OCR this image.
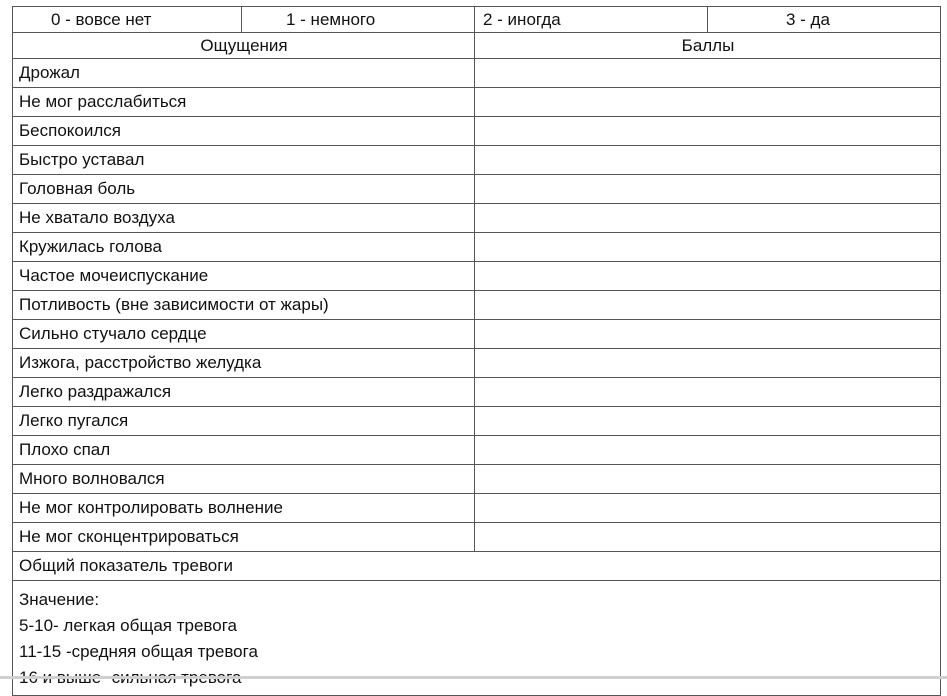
0 - вовсе нет	1 - немного	2 - иногда	3 - да
Ощущения		Баллы	
Дрожал			
Не мог расслабиться			
Беспокоился			
Быстро уставал			
Головная боль			
Не хватало воздуха			
Кружилась голова			
Частое мочеиспускание			
Потливость (вне зависимости от жары)			
Сильно стучало сердце			
Изжога, расстройство желудка			
Легко раздражался			
Легко пугался			
Плохо спал			
Много волновался			
Не мог контролировать волнение			
Не мог сконцентрироваться			
Общий показатель тревоги			

Значение:
5-10- легкая общая тревога
11-15 -средняя общая тревога			
